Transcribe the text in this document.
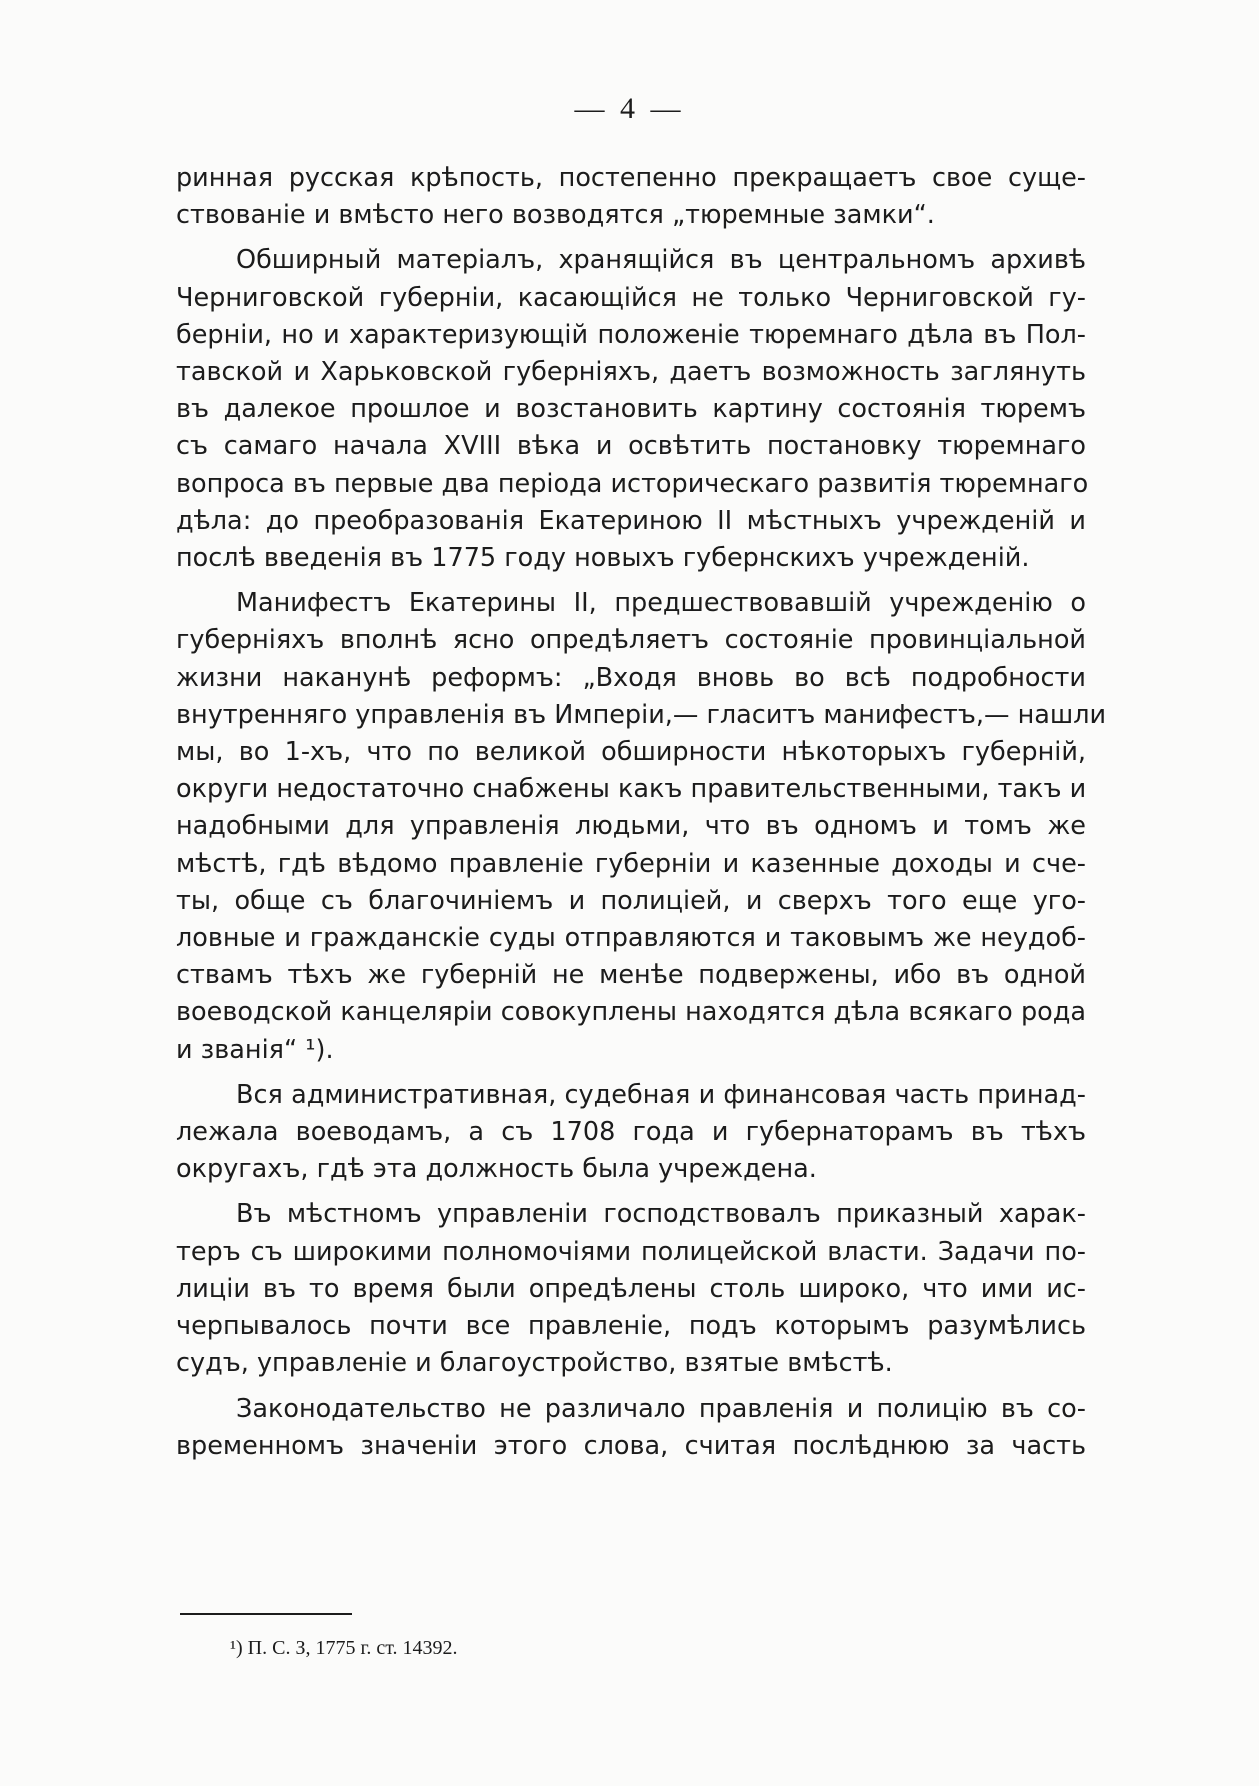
— 4 —
ринная русская крѣпость, постепенно прекращаетъ свое суще-
ствованіе и вмѣсто него возводятся „тюремные замки“.
Обширный матеріалъ, хранящійся въ центральномъ архивѣ
Черниговской губерніи, касающійся не только Черниговской гу-
берніи, но и характеризующій положеніе тюремнаго дѣла въ Пол-
тавской и Харьковской губерніяхъ, даетъ возможность заглянуть
въ далекое прошлое и возстановить картину состоянія тюремъ
съ самаго начала XVIII вѣка и освѣтить постановку тюремнаго
вопроса въ первые два періода историческаго развитія тюремнаго
дѣла: до преобразованія Екатериною II мѣстныхъ учрежденій и
послѣ введенія въ 1775 году новыхъ губернскихъ учрежденій.
Манифестъ Екатерины II, предшествовавшій учрежденію о
губерніяхъ вполнѣ ясно опредѣляетъ состояніе провинціальной
жизни наканунѣ реформъ: „Входя вновь во всѣ подробности
внутренняго управленія въ Имперіи,— гласитъ манифестъ,— нашли
мы, во 1-хъ, что по великой обширности нѣкоторыхъ губерній,
округи недостаточно снабжены какъ правительственными, такъ и
надобными для управленія людьми, что въ одномъ и томъ же
мѣстѣ, гдѣ вѣдомо правленіе губерніи и казенные доходы и сче-
ты, обще съ благочиніемъ и полиціей, и сверхъ того еще уго-
ловные и гражданскіе суды отправляются и таковымъ же неудоб-
ствамъ тѣхъ же губерній не менѣе подвержены, ибо въ одной
воеводской канцеляріи совокуплены находятся дѣла всякаго рода
и званія“ ¹).
Вся административная, судебная и финансовая часть принад-
лежала воеводамъ, а съ 1708 года и губернаторамъ въ тѣхъ
округахъ, гдѣ эта должность была учреждена.
Въ мѣстномъ управленіи господствовалъ приказный харак-
теръ съ широкими полномочіями полицейской власти. Задачи по-
лиціи въ то время были опредѣлены столь широко, что ими ис-
черпывалось почти все правленіе, подъ которымъ разумѣлись
судъ, управленіе и благоустройство, взятые вмѣстѣ.
Законодательство не различало правленія и полицію въ со-
временномъ значеніи этого слова, считая послѣднюю за часть
¹) П. С. З, 1775 г. ст. 14392.
